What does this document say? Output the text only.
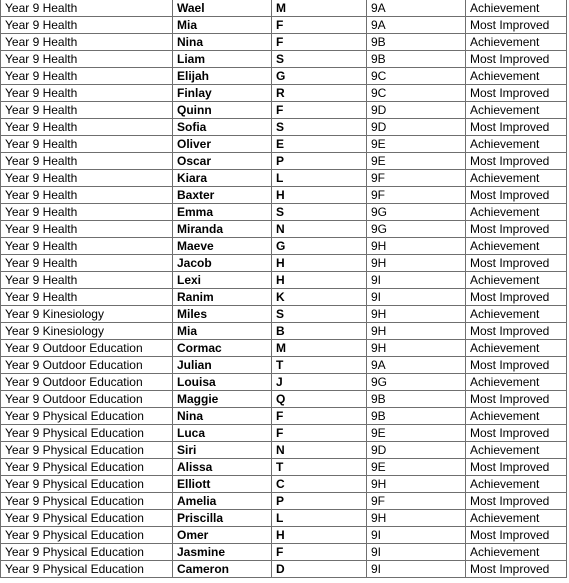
Year 9 Health	Wael	M	9A	Achievement
Year 9 Health	Mia	F	9A	Most Improved
Year 9 Health	Nina	F	9B	Achievement
Year 9 Health	Liam	S	9B	Most Improved
Year 9 Health	Elijah	G	9C	Achievement
Year 9 Health	Finlay	R	9C	Most Improved
Year 9 Health	Quinn	F	9D	Achievement
Year 9 Health	Sofia	S	9D	Most Improved
Year 9 Health	Oliver	E	9E	Achievement
Year 9 Health	Oscar	P	9E	Most Improved
Year 9 Health	Kiara	L	9F	Achievement
Year 9 Health	Baxter	H	9F	Most Improved
Year 9 Health	Emma	S	9G	Achievement
Year 9 Health	Miranda	N	9G	Most Improved
Year 9 Health	Maeve	G	9H	Achievement
Year 9 Health	Jacob	H	9H	Most Improved
Year 9 Health	Lexi	H	9I	Achievement
Year 9 Health	Ranim	K	9I	Most Improved
Year 9 Kinesiology	Miles	S	9H	Achievement
Year 9 Kinesiology	Mia	B	9H	Most Improved
Year 9 Outdoor Education	Cormac	M	9H	Achievement
Year 9 Outdoor Education	Julian	T	9A	Most Improved
Year 9 Outdoor Education	Louisa	J	9G	Achievement
Year 9 Outdoor Education	Maggie	Q	9B	Most Improved
Year 9 Physical Education	Nina	F	9B	Achievement
Year 9 Physical Education	Luca	F	9E	Most Improved
Year 9 Physical Education	Siri	N	9D	Achievement
Year 9 Physical Education	Alissa	T	9E	Most Improved
Year 9 Physical Education	Elliott	C	9H	Achievement
Year 9 Physical Education	Amelia	P	9F	Most Improved
Year 9 Physical Education	Priscilla	L	9H	Achievement
Year 9 Physical Education	Omer	H	9I	Most Improved
Year 9 Physical Education	Jasmine	F	9I	Achievement
Year 9 Physical Education	Cameron	D	9I	Most Improved
